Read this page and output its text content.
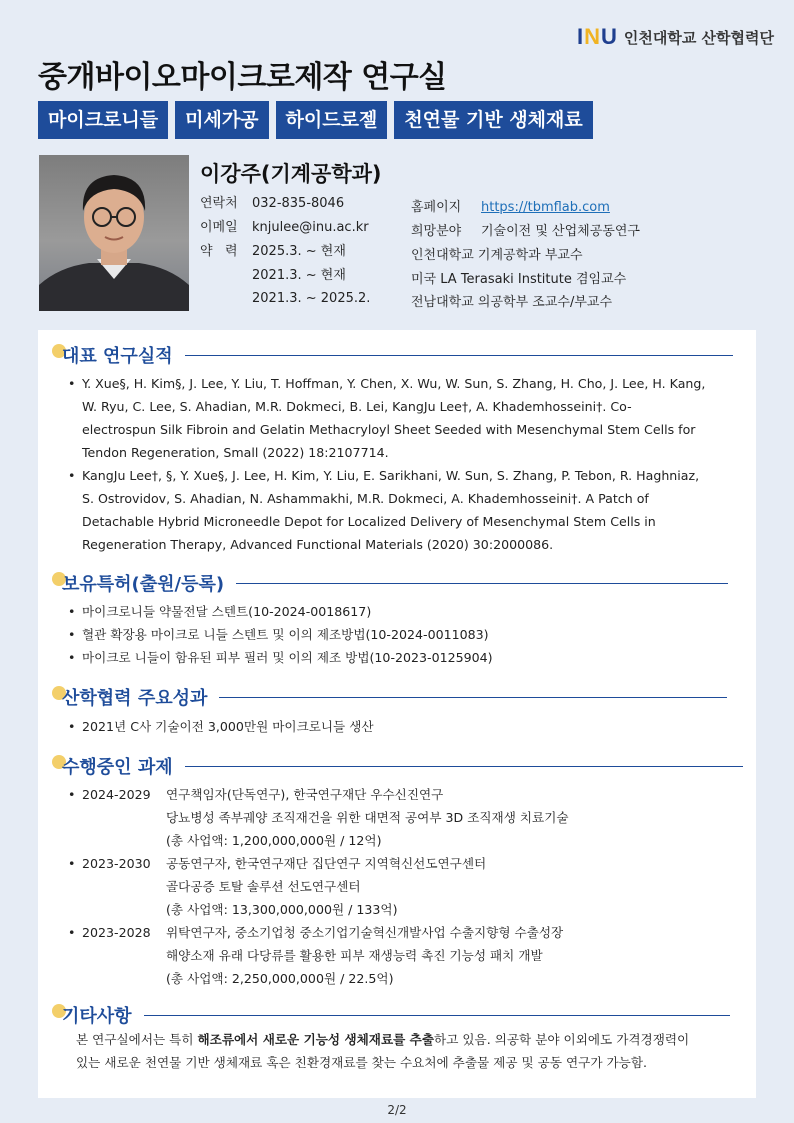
INU 인천대학교 산학협력단
중개바이오마이크로제작 연구실
마이크로니들	미세가공	하이드로젤	천연물 기반 생체재료
이강주(기계공학과)
연락처 032-835-8046
이메일 knjulee@inu.ac.kr
약   력 2025.3. ~ 현재
2021.3. ~ 현재
2021.3. ~ 2025.2.
홈페이지 https://tbmflab.com
희망분야 기술이전 및 산업체공동연구
인천대학교 기계공학과 부교수
미국 LA Terasaki Institute 겸임교수
전남대학교 의공학부 조교수/부교수
대표 연구실적
• Y. Xue§, H. Kim§, J. Lee, Y. Liu, T. Hoffman, Y. Chen, X. Wu, W. Sun, S. Zhang, H. Cho, J. Lee, H. Kang,
W. Ryu, C. Lee, S. Ahadian, M.R. Dokmeci, B. Lei, KangJu Lee†, A. Khademhosseini†. Co-
electrospun Silk Fibroin and Gelatin Methacryloyl Sheet Seeded with Mesenchymal Stem Cells for
Tendon Regeneration, Small (2022) 18:2107714.
• KangJu Lee†, §, Y. Xue§, J. Lee, H. Kim, Y. Liu, E. Sarikhani, W. Sun, S. Zhang, P. Tebon, R. Haghniaz,
S. Ostrovidov, S. Ahadian, N. Ashammakhi, M.R. Dokmeci, A. Khademhosseini†. A Patch of
Detachable Hybrid Microneedle Depot for Localized Delivery of Mesenchymal Stem Cells in
Regeneration Therapy, Advanced Functional Materials (2020) 30:2000086.
보유특허(출원/등록)
• 마이크로니들 약물전달 스텐트(10-2024-0018617)
• 혈관 확장용 마이크로 니들 스텐트 및 이의 제조방법(10-2024-0011083)
• 마이크로 니들이 함유된 피부 필러 및 이의 제조 방법(10-2023-0125904)
산학협력 주요성과
• 2021년 C사 기술이전 3,000만원 마이크로니들 생산
수행중인 과제
• 2024-2029	연구책임자(단독연구), 한국연구재단 우수신진연구
당뇨병성 족부궤양 조직재건을 위한 대면적 공여부 3D 조직재생 치료기술
(총 사업액: 1,200,000,000원 / 12억)
• 2023-2030	공동연구자, 한국연구재단 집단연구 지역혁신선도연구센터
골다공증 토탈 솔루션 선도연구센터
(총 사업액: 13,300,000,000원 / 133억)
• 2023-2028	위탁연구자, 중소기업청 중소기업기술혁신개발사업 수출지향형 수출성장
해양소재 유래 다당류를 활용한 피부 재생능력 촉진 기능성 패치 개발
(총 사업액: 2,250,000,000원 / 22.5억)
기타사항
본 연구실에서는 특히 해조류에서 새로운 기능성 생체재료를 추출하고 있음. 의공학 분야 이외에도 가격경쟁력이
있는 새로운 천연물 기반 생체재료 혹은 친환경재료를 찾는 수요처에 추출물 제공 및 공동 연구가 가능함.
2/2
